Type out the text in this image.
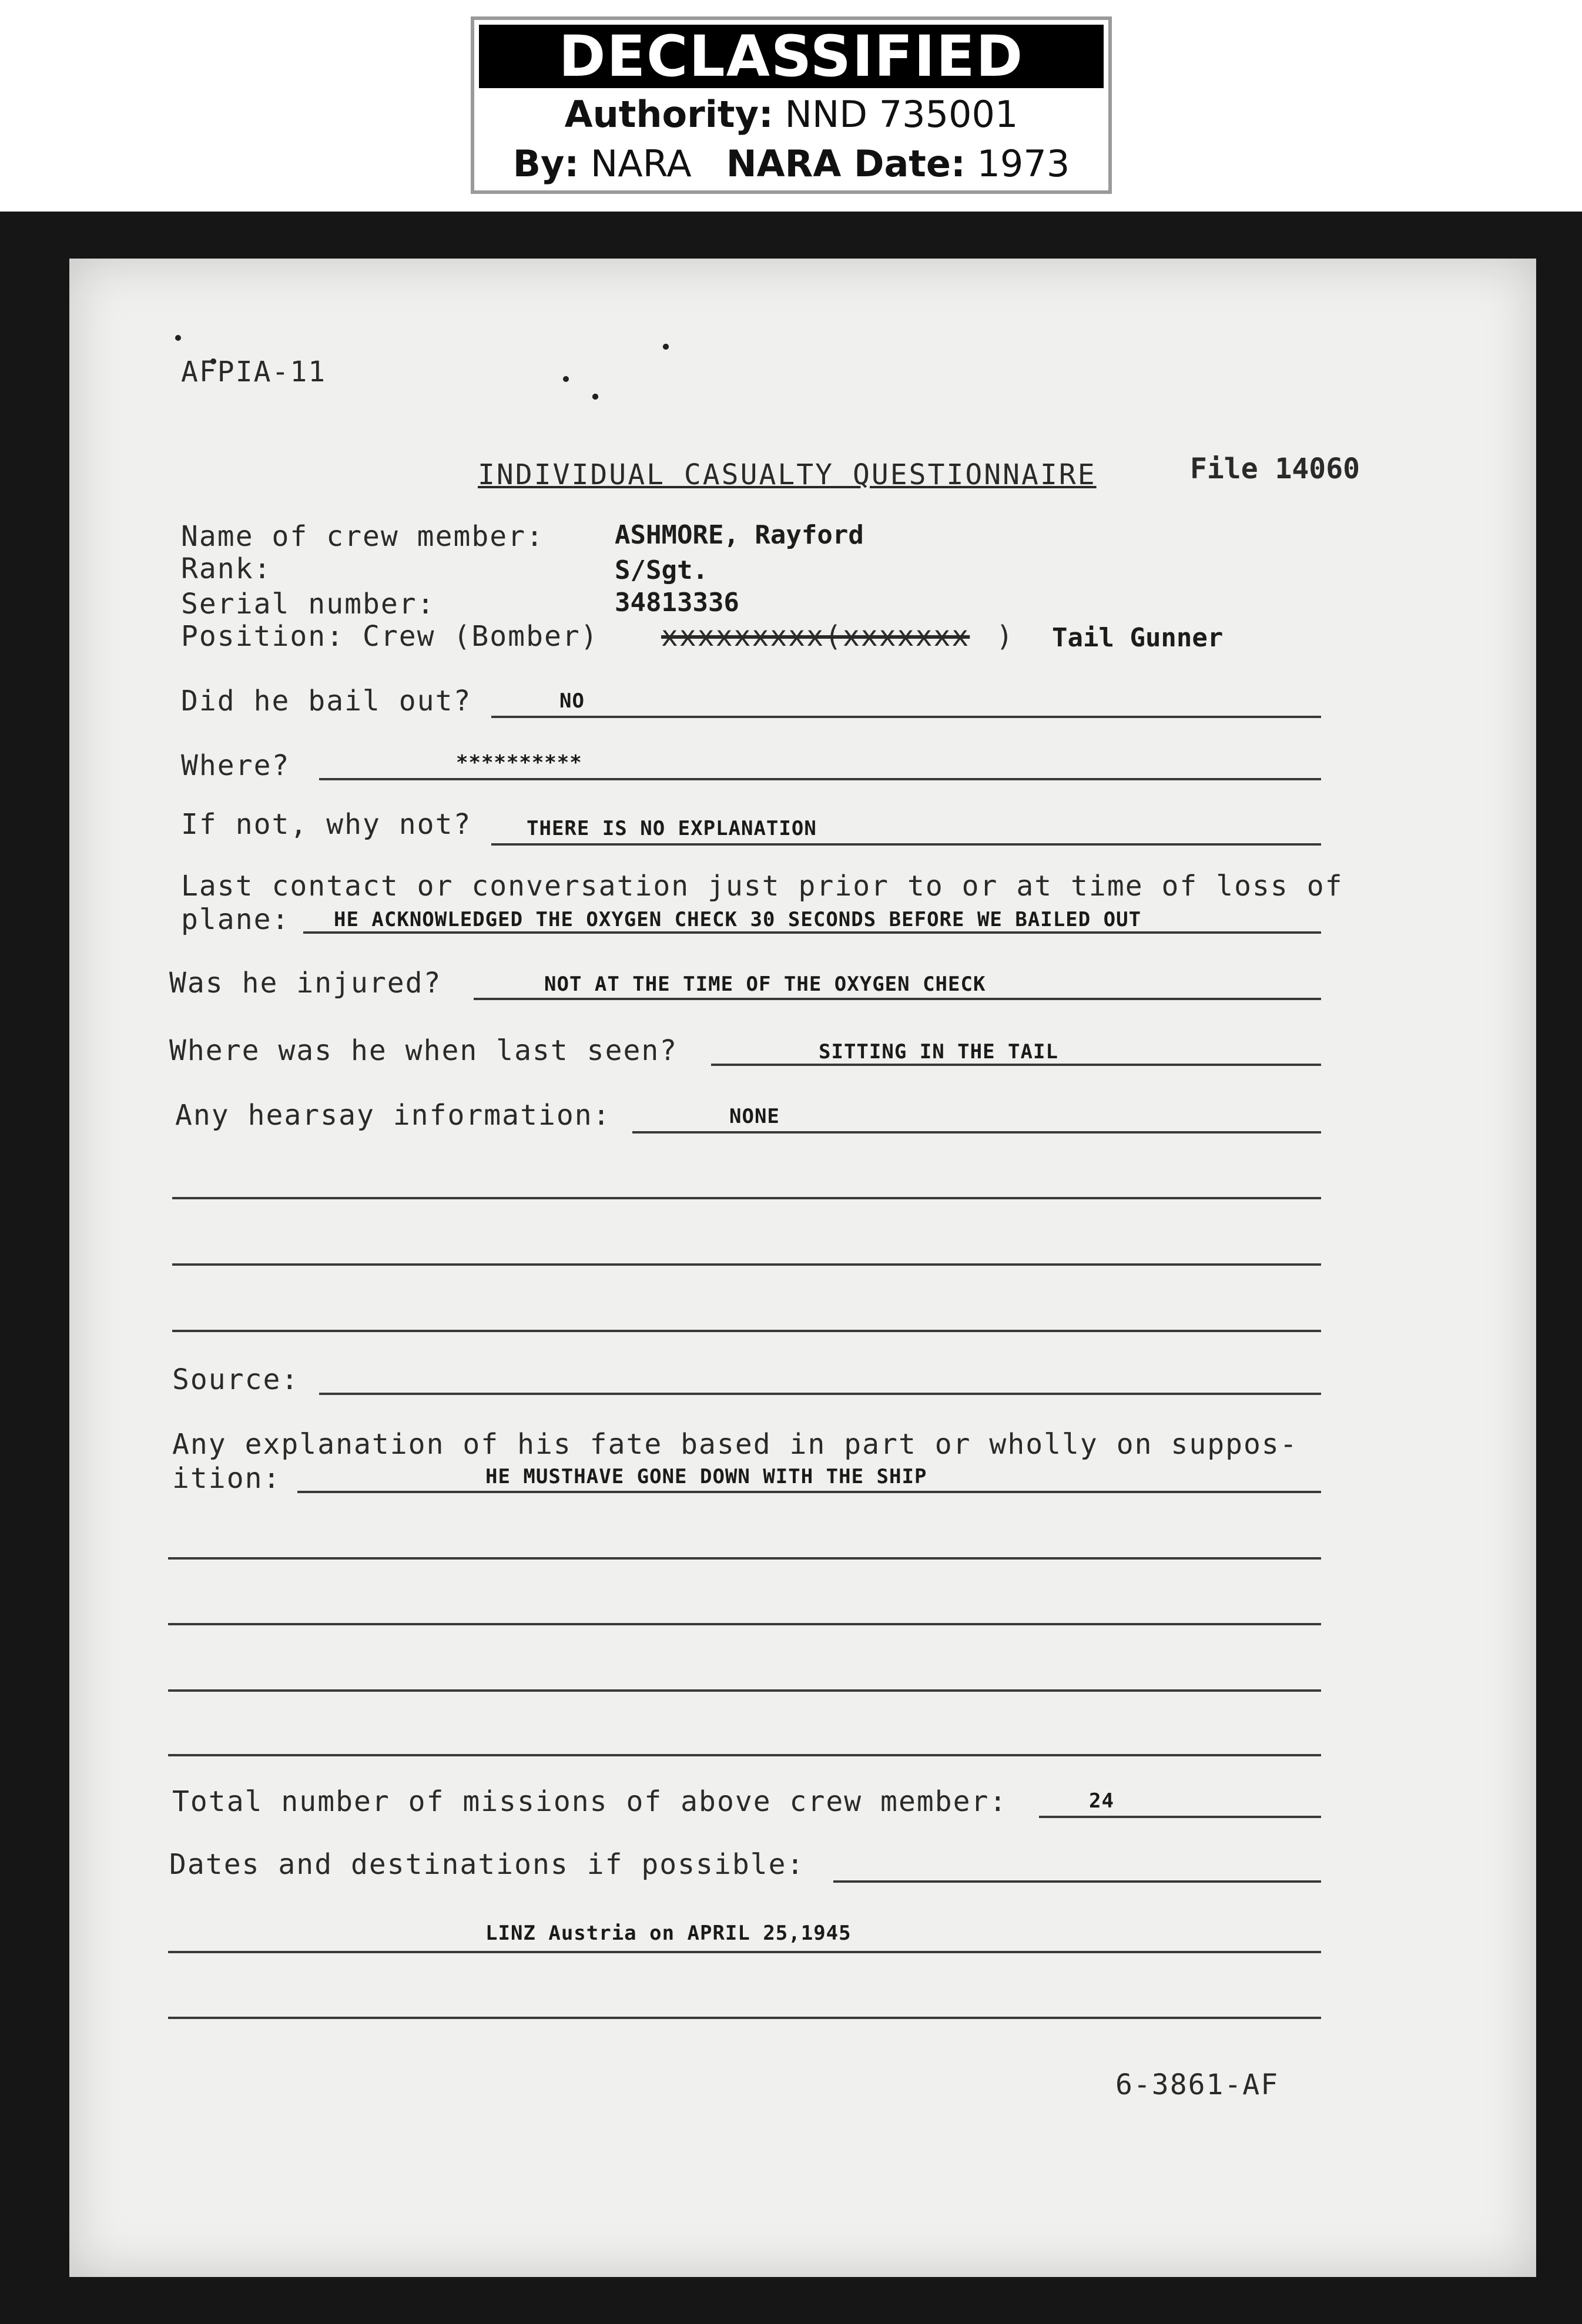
DECLASSIFIED
Authority: NND 735001
By: NARA NARA Date: 1973
AFPIA-11
INDIVIDUAL CASUALTY QUESTIONNAIRE	File 14060
Name of crew member:	ASHMORE, Rayford
Rank:	S/Sgt.
Serial number:	34813336
Position: Crew (Bomber) xxxxxxxxx(xxxxxxx ) Tail Gunner
Did he bail out?	NO
Where?	**********
If not, why not?	THERE IS NO EXPLANATION
Last contact or conversation just prior to or at time of loss of
plane: HE ACKNOWLEDGED THE OXYGEN CHECK 30 SECONDS BEFORE WE BAILED OUT
Was he injured?	NOT AT THE TIME OF THE OXYGEN CHECK
Where was he when last seen?	SITTING IN THE TAIL
Any hearsay information:	NONE
Source:
Any explanation of his fate based in part or wholly on suppos-
ition:	HE MUSTHAVE GONE DOWN WITH THE SHIP
Total number of missions of above crew member:	24
Dates and destinations if possible:
LINZ Austria on APRIL 25,1945
6-3861-AF
